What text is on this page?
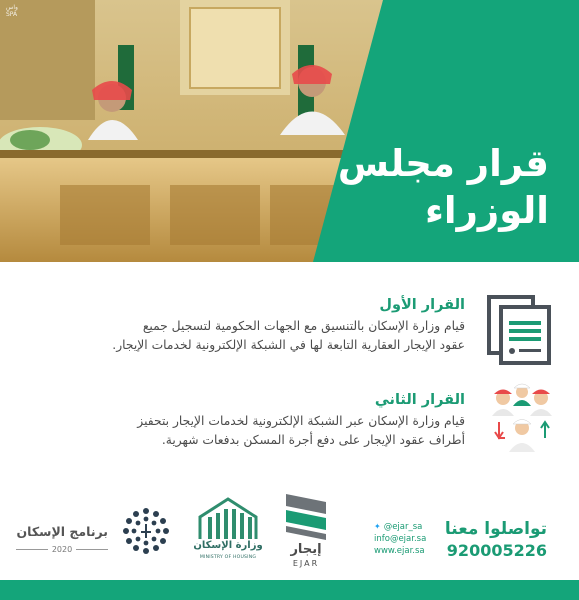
واس
SPA
قرار مجلس الوزراء
القرار الأول
قيام وزارة الإسكان بالتنسيق مع الجهات الحكومية لتسجيل جميع
عقود الإيجار العقارية التابعة لها في الشبكة الإلكترونية لخدمات الإيجار.
القرار الثاني
قيام وزارة الإسكان عبر الشبكة الإلكترونية لخدمات الإيجار بتحفيز
أطراف عقود الإيجار على دفع أجرة المسكن بدفعات شهرية.
تواصلوا معنا
920005226
✦ @ejar_sa
info@ejar.sa
www.ejar.sa
إيجار
EJAR
وزارة الإسكان
MINISTRY OF HOUSING
برنامج الإسكان
2020
